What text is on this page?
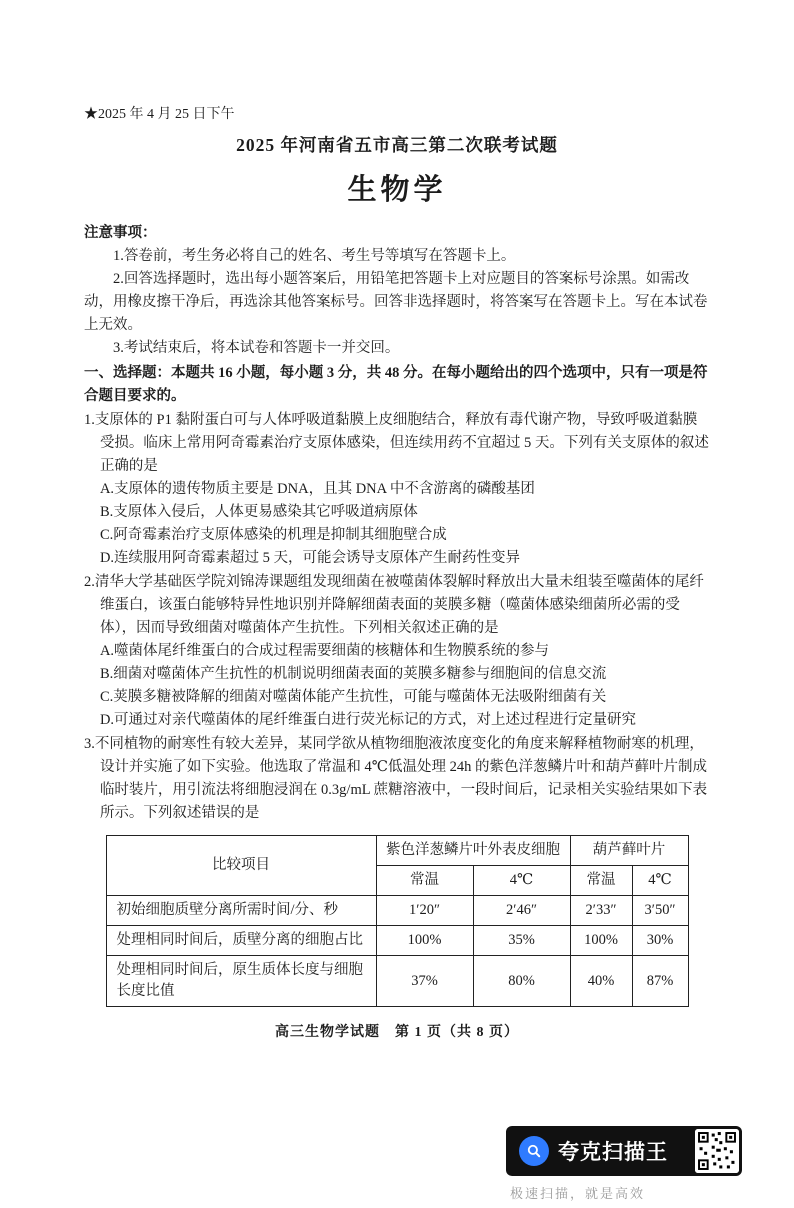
★2025 年 4 月 25 日下午
2025 年河南省五市高三第二次联考试题
生物学

注意事项：

1.答卷前，考生务必将自己的姓名、考生号等填写在答题卡上。

2.回答选择题时，选出每小题答案后，用铅笔把答题卡上对应题目的答案标号涂黑。如需改动，用橡皮擦干净后，再选涂其他答案标号。回答非选择题时，将答案写在答题卡上。写在本试卷上无效。

3.考试结束后，将本试卷和答题卡一并交回。

一、选择题：本题共 16 小题，每小题 3 分，共 48 分。在每小题给出的四个选项中，只有一项是符合题目要求的。

1.支原体的 P1 黏附蛋白可与人体呼吸道黏膜上皮细胞结合，释放有毒代谢产物，导致呼吸道黏膜受损。临床上常用阿奇霉素治疗支原体感染，但连续用药不宜超过 5 天。下列有关支原体的叙述正确的是

A.支原体的遗传物质主要是 DNA，且其 DNA 中不含游离的磷酸基团

B.支原体入侵后，人体更易感染其它呼吸道病原体

C.阿奇霉素治疗支原体感染的机理是抑制其细胞壁合成

D.连续服用阿奇霉素超过 5 天，可能会诱导支原体产生耐药性变异

2.清华大学基础医学院刘锦涛课题组发现细菌在被噬菌体裂解时释放出大量未组装至噬菌体的尾纤维蛋白，该蛋白能够特异性地识别并降解细菌表面的荚膜多糖（噬菌体感染细菌所必需的受体），因而导致细菌对噬菌体产生抗性。下列相关叙述正确的是

A.噬菌体尾纤维蛋白的合成过程需要细菌的核糖体和生物膜系统的参与

B.细菌对噬菌体产生抗性的机制说明细菌表面的荚膜多糖参与细胞间的信息交流

C.荚膜多糖被降解的细菌对噬菌体能产生抗性，可能与噬菌体无法吸附细菌有关

D.可通过对亲代噬菌体的尾纤维蛋白进行荧光标记的方式，对上述过程进行定量研究

3.不同植物的耐寒性有较大差异，某同学欲从植物细胞液浓度变化的角度来解释植物耐寒的机理，设计并实施了如下实验。他选取了常温和 4℃低温处理 24h 的紫色洋葱鳞片叶和葫芦藓叶片制成临时装片，用引流法将细胞浸润在 0.3g/mL 蔗糖溶液中，一段时间后，记录相关实验结果如下表所示。下列叙述错误的是

比较项目	紫色洋葱鳞片叶外表皮细胞		葫芦藓叶片	
	常温	4℃	常温	4℃
初始细胞质壁分离所需时间/分、秒	1′20″	2′46″	2′33″	3′50″
处理相同时间后，质壁分离的细胞占比	100%	35%	100%	30%
处理相同时间后，原生质体长度与细胞长度比值	37%	80%	40%	87%
高三生物学试题　第 1 页（共 8 页）
夸克扫描王
极速扫描，就是高效
